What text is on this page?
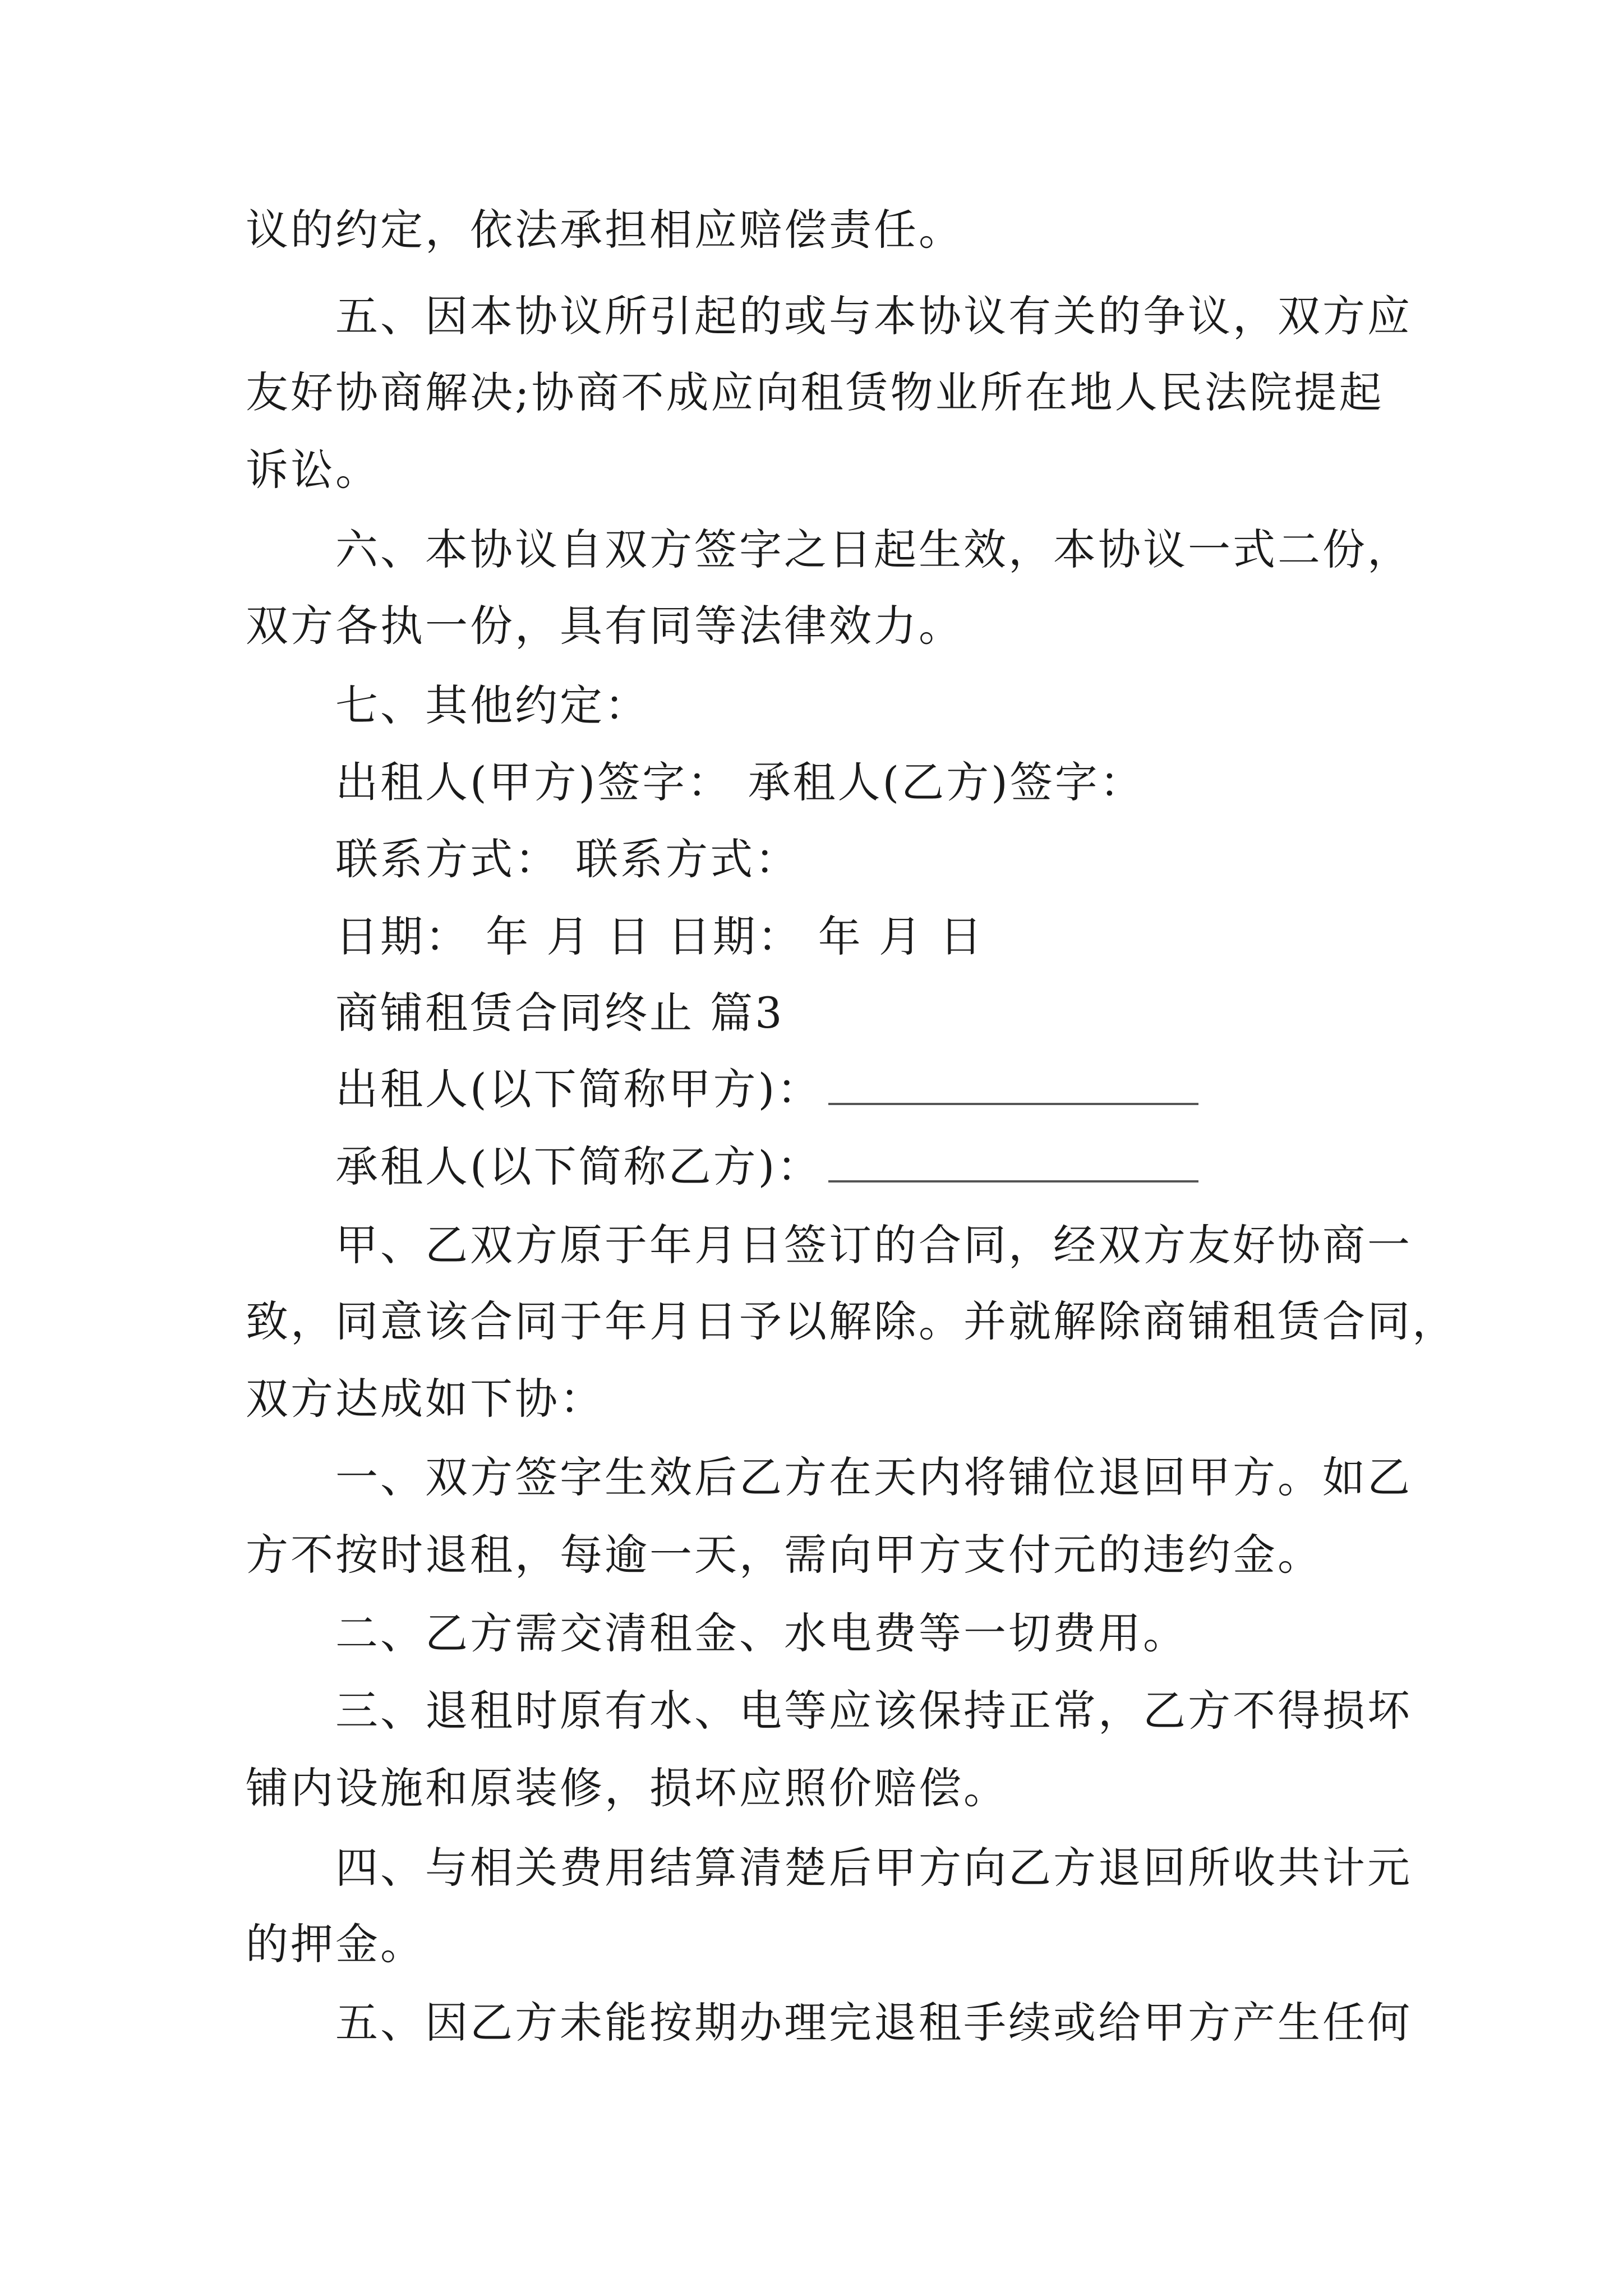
议的约定，依法承担相应赔偿责任。
五、因本协议所引起的或与本协议有关的争议，双方应
友好协商解决;协商不成应向租赁物业所在地人民法院提起
诉讼。
六、本协议自双方签字之日起生效，本协议一式二份，
双方各执一份，具有同等法律效力。
七、其他约定：
出租人(甲方)签字： 承租人(乙方)签字：
联系方式： 联系方式：
日期： 年 月 日 日期： 年 月 日
商铺租赁合同终止 篇3
出租人(以下简称甲方)：
承租人(以下简称乙方)：
甲、乙双方原于年月日签订的合同，经双方友好协商一
致，同意该合同于年月日予以解除。并就解除商铺租赁合同，
双方达成如下协：
一、双方签字生效后乙方在天内将铺位退回甲方。如乙
方不按时退租，每逾一天，需向甲方支付元的违约金。
二、乙方需交清租金、水电费等一切费用。
三、退租时原有水、电等应该保持正常，乙方不得损坏
铺内设施和原装修，损坏应照价赔偿。
四、与相关费用结算清楚后甲方向乙方退回所收共计元
的押金。
五、因乙方未能按期办理完退租手续或给甲方产生任何
